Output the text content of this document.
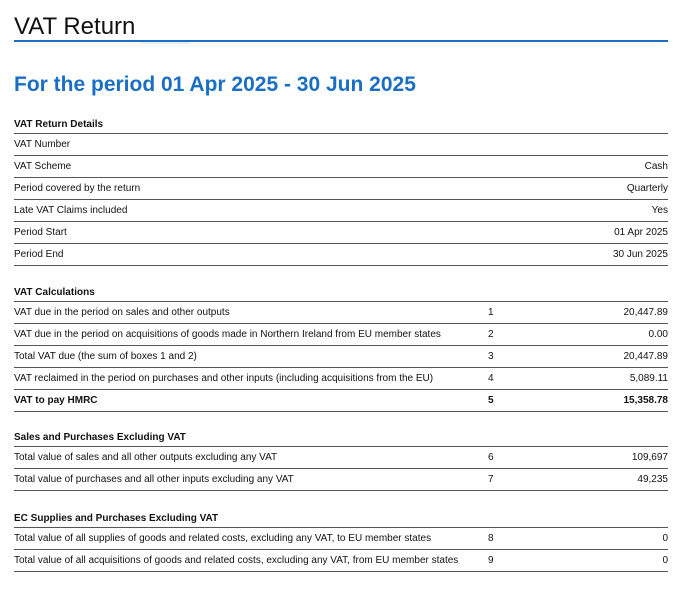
VAT Return
For the period 01 Apr 2025 - 30 Jun 2025
VAT Return Details
VAT Number
VAT Scheme	Cash
Period covered by the return	Quarterly
Late VAT Claims included	Yes
Period Start	01 Apr 2025
Period End	30 Jun 2025
VAT Calculations
VAT due in the period on sales and other outputs	1	20,447.89
VAT due in the period on acquisitions of goods made in Northern Ireland from EU member states	2	0.00
Total VAT due (the sum of boxes 1 and 2)	3	20,447.89
VAT reclaimed in the period on purchases and other inputs (including acquisitions from the EU)	4	5,089.11
VAT to pay HMRC	5	15,358.78
Sales and Purchases Excluding VAT
Total value of sales and all other outputs excluding any VAT	6	109,697
Total value of purchases and all other inputs excluding any VAT	7	49,235
EC Supplies and Purchases Excluding VAT
Total value of all supplies of goods and related costs, excluding any VAT, to EU member states	8	0
Total value of all acquisitions of goods and related costs, excluding any VAT, from EU member states	9	0
